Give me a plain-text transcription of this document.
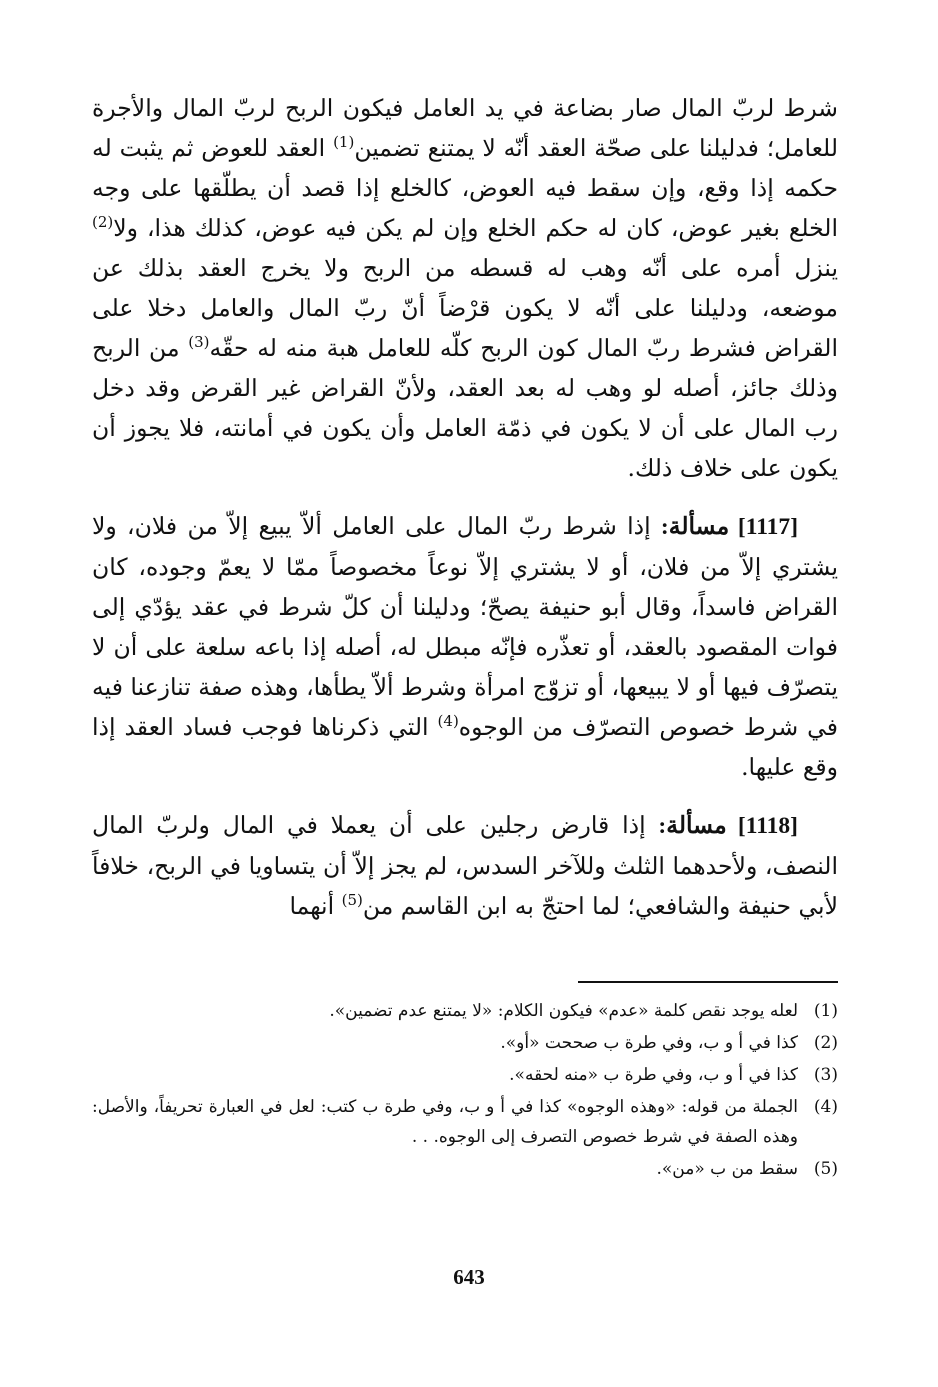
شرط لربّ المال صار بضاعة في يد العامل فيكون الربح لربّ المال والأجرة للعامل؛ فدليلنا على صحّة العقد أنّه لا يمتنع تضمين$^{(1)}$ العقد للعوض ثم يثبت له حكمه إذا وقع، وإن سقط فيه العوض، كالخلع إذا قصد أن يطلّقها على وجه الخلع بغير عوض، كان له حكم الخلع وإن لم يكن فيه عوض، كذلك هذا، ولا$^{(2)}$ ينزل أمره على أنّه وهب له قسطه من الربح ولا يخرج العقد بذلك عن موضعه، ودليلنا على أنّه لا يكون قرْضاً أنّ ربّ المال والعامل دخلا على القراض فشرط ربّ المال كون الربح كلّه للعامل هبة منه له حقّه$^{(3)}$ من الربح وذلك جائز، أصله لو وهب له بعد العقد، ولأنّ القراض غير القرض وقد دخل رب المال على أن لا يكون في ذمّة العامل وأن يكون في أمانته، فلا يجوز أن يكون على خلاف ذلك.

[1117] مسألة: إذا شرط ربّ المال على العامل ألاّ يبيع إلاّ من فلان، ولا يشتري إلاّ من فلان، أو لا يشتري إلاّ نوعاً مخصوصاً ممّا لا يعمّ وجوده، كان القراض فاسداً، وقال أبو حنيفة يصحّ؛ ودليلنا أن كلّ شرط في عقد يؤدّي إلى فوات المقصود بالعقد، أو تعذّره فإنّه مبطل له، أصله إذا باعه سلعة على أن لا يتصرّف فيها أو لا يبيعها، أو تزوّج امرأة وشرط ألاّ يطأها، وهذه صفة تنازعنا فيه في شرط خصوص التصرّف من الوجوه$^{(4)}$ التي ذكرناها فوجب فساد العقد إذا وقع عليها.

[1118] مسألة: إذا قارض رجلين على أن يعملا في المال ولربّ المال النصف، ولأحدهما الثلث وللآخر السدس، لم يجز إلاّ أن يتساويا في الربح، خلافاً لأبي حنيفة والشافعي؛ لما احتجّ به ابن القاسم من$^{(5)}$ أنهما

(1)
لعله يوجد نقص كلمة «عدم» فيكون الكلام: «لا يمتنع عدم تضمين».
(2)
كذا في أ و ب، وفي طرة ب صححت «أو».
(3)
كذا في أ و ب، وفي طرة ب «منه لحقه».
(4)
الجملة من قوله: «وهذه الوجوه» كذا في أ و ب، وفي طرة ب كتب: لعل في العبارة تحريفاً، والأصل: وهذه الصفة في شرط خصوص التصرف إلى الوجوه. . .
(5)
سقط من ب «من».
643
